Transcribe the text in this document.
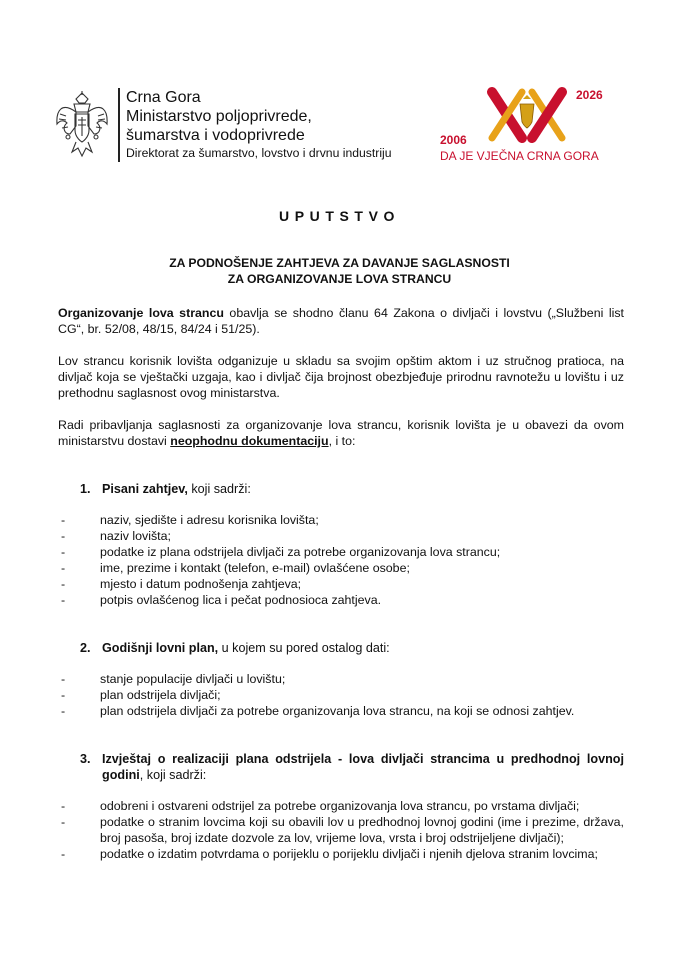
Crna Gora
Ministarstvo poljoprivrede,
šumarstva i vodoprivrede
Direktorat za šumarstvo, lovstvo i drvnu industriju
2006
2026
DA JE VJEČNA CRNA GORA
UPUTSTVO
ZA PODNOŠENJE ZAHTJEVA ZA DAVANJE SAGLASNOSTI
ZA ORGANIZOVANJE LOVA STRANCU

Organizovanje lova strancu obavlja se shodno članu 64 Zakona o divljači i lovstvu („Službeni list CG“, br. 52/08, 48/15, 84/24 i 51/25).

Lov strancu korisnik lovišta odganizuje u skladu sa svojim opštim aktom i uz stručnog pratioca, na divljač koja se vještački uzgaja, kao i divljač čija brojnost obezbjeđuje prirodnu ravnotežu u lovištu i uz prethodnu saglasnost ovog ministarstva.

Radi pribavljanja saglasnosti za organizovanje lova strancu, korisnik lovišta je u obavezi da ovom ministarstvu dostavi neophodnu dokumentaciju, i to:

1. Pisani zahtjev, koji sadrži:
- naziv, sjedište i adresu korisnika lovišta;
- naziv lovišta;
- podatke iz plana odstrijela divljači za potrebe organizovanja lova strancu;
- ime, prezime i kontakt (telefon, e-mail) ovlašćene osobe;
- mjesto i datum podnošenja zahtjeva;
- potpis ovlašćenog lica i pečat podnosioca zahtjeva.
2. Godišnji lovni plan, u kojem su pored ostalog dati:
- stanje populacije divljači u lovištu;
- plan odstrijela divljači;
- plan odstrijela divljači za potrebe organizovanja lova strancu, na koji se odnosi zahtjev.
3. Izvještaj o realizaciji plana odstrijela - lova divljači strancima u predhodnoj lovnoj godini, koji sadrži:
- odobreni i ostvareni odstrijel za potrebe organizovanja lova strancu, po vrstama divljači;
- podatke o stranim lovcima koji su obavili lov u predhodnoj lovnoj godini (ime i prezime, država, broj pasoša, broj izdate dozvole za lov, vrijeme lova, vrsta i broj odstrijeljene divljači);
- podatke o izdatim potvrdama o porijeklu o porijeklu divljači i njenih djelova stranim lovcima;
